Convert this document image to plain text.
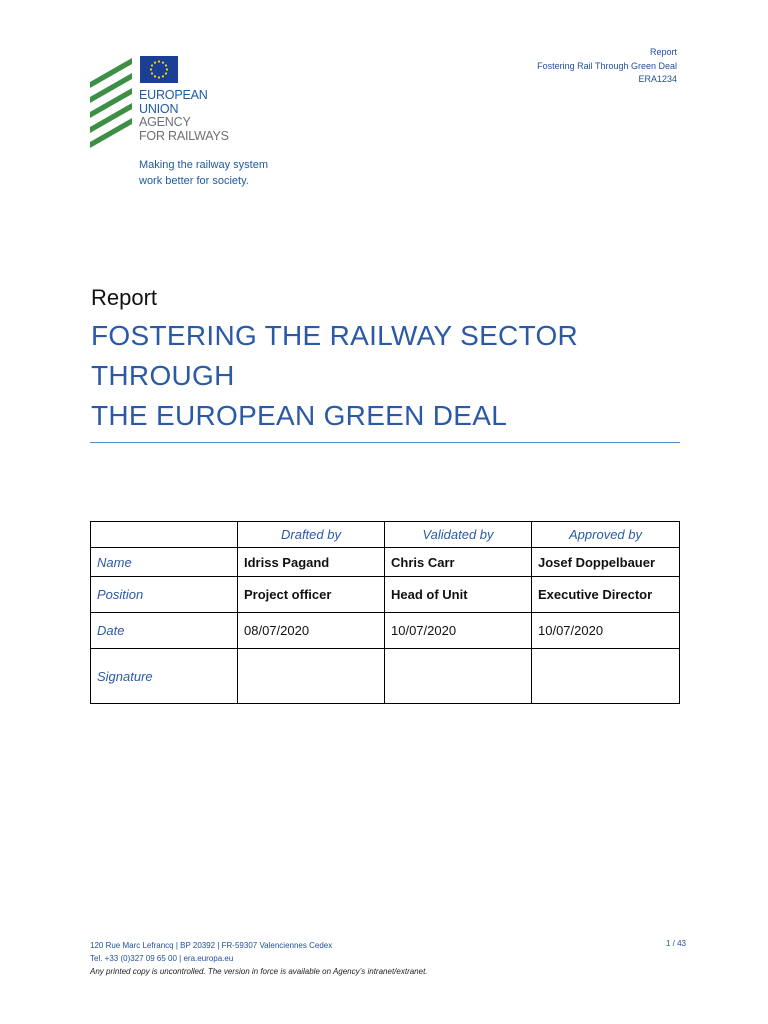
Report
Fostering Rail Through Green Deal
ERA1234
EUROPEAN
UNION
AGENCY
FOR RAILWAYS
Making the railway system
work better for society.
Report
FOSTERING THE RAILWAY SECTOR
THROUGH
THE EUROPEAN GREEN DEAL
	Drafted by	Validated by	Approved by
Name	Idriss Pagand	Chris Carr	Josef Doppelbauer
Position	Project officer	Head of Unit	Executive Director
Date	08/07/2020	10/07/2020	10/07/2020
Signature			
120 Rue Marc Lefrancq | BP 20392 | FR-59307 Valenciennes Cedex
Tel. +33 (0)327 09 65 00 | era.europa.eu
Any printed copy is uncontrolled. The version in force is available on Agency’s intranet/extranet.
1 / 43
